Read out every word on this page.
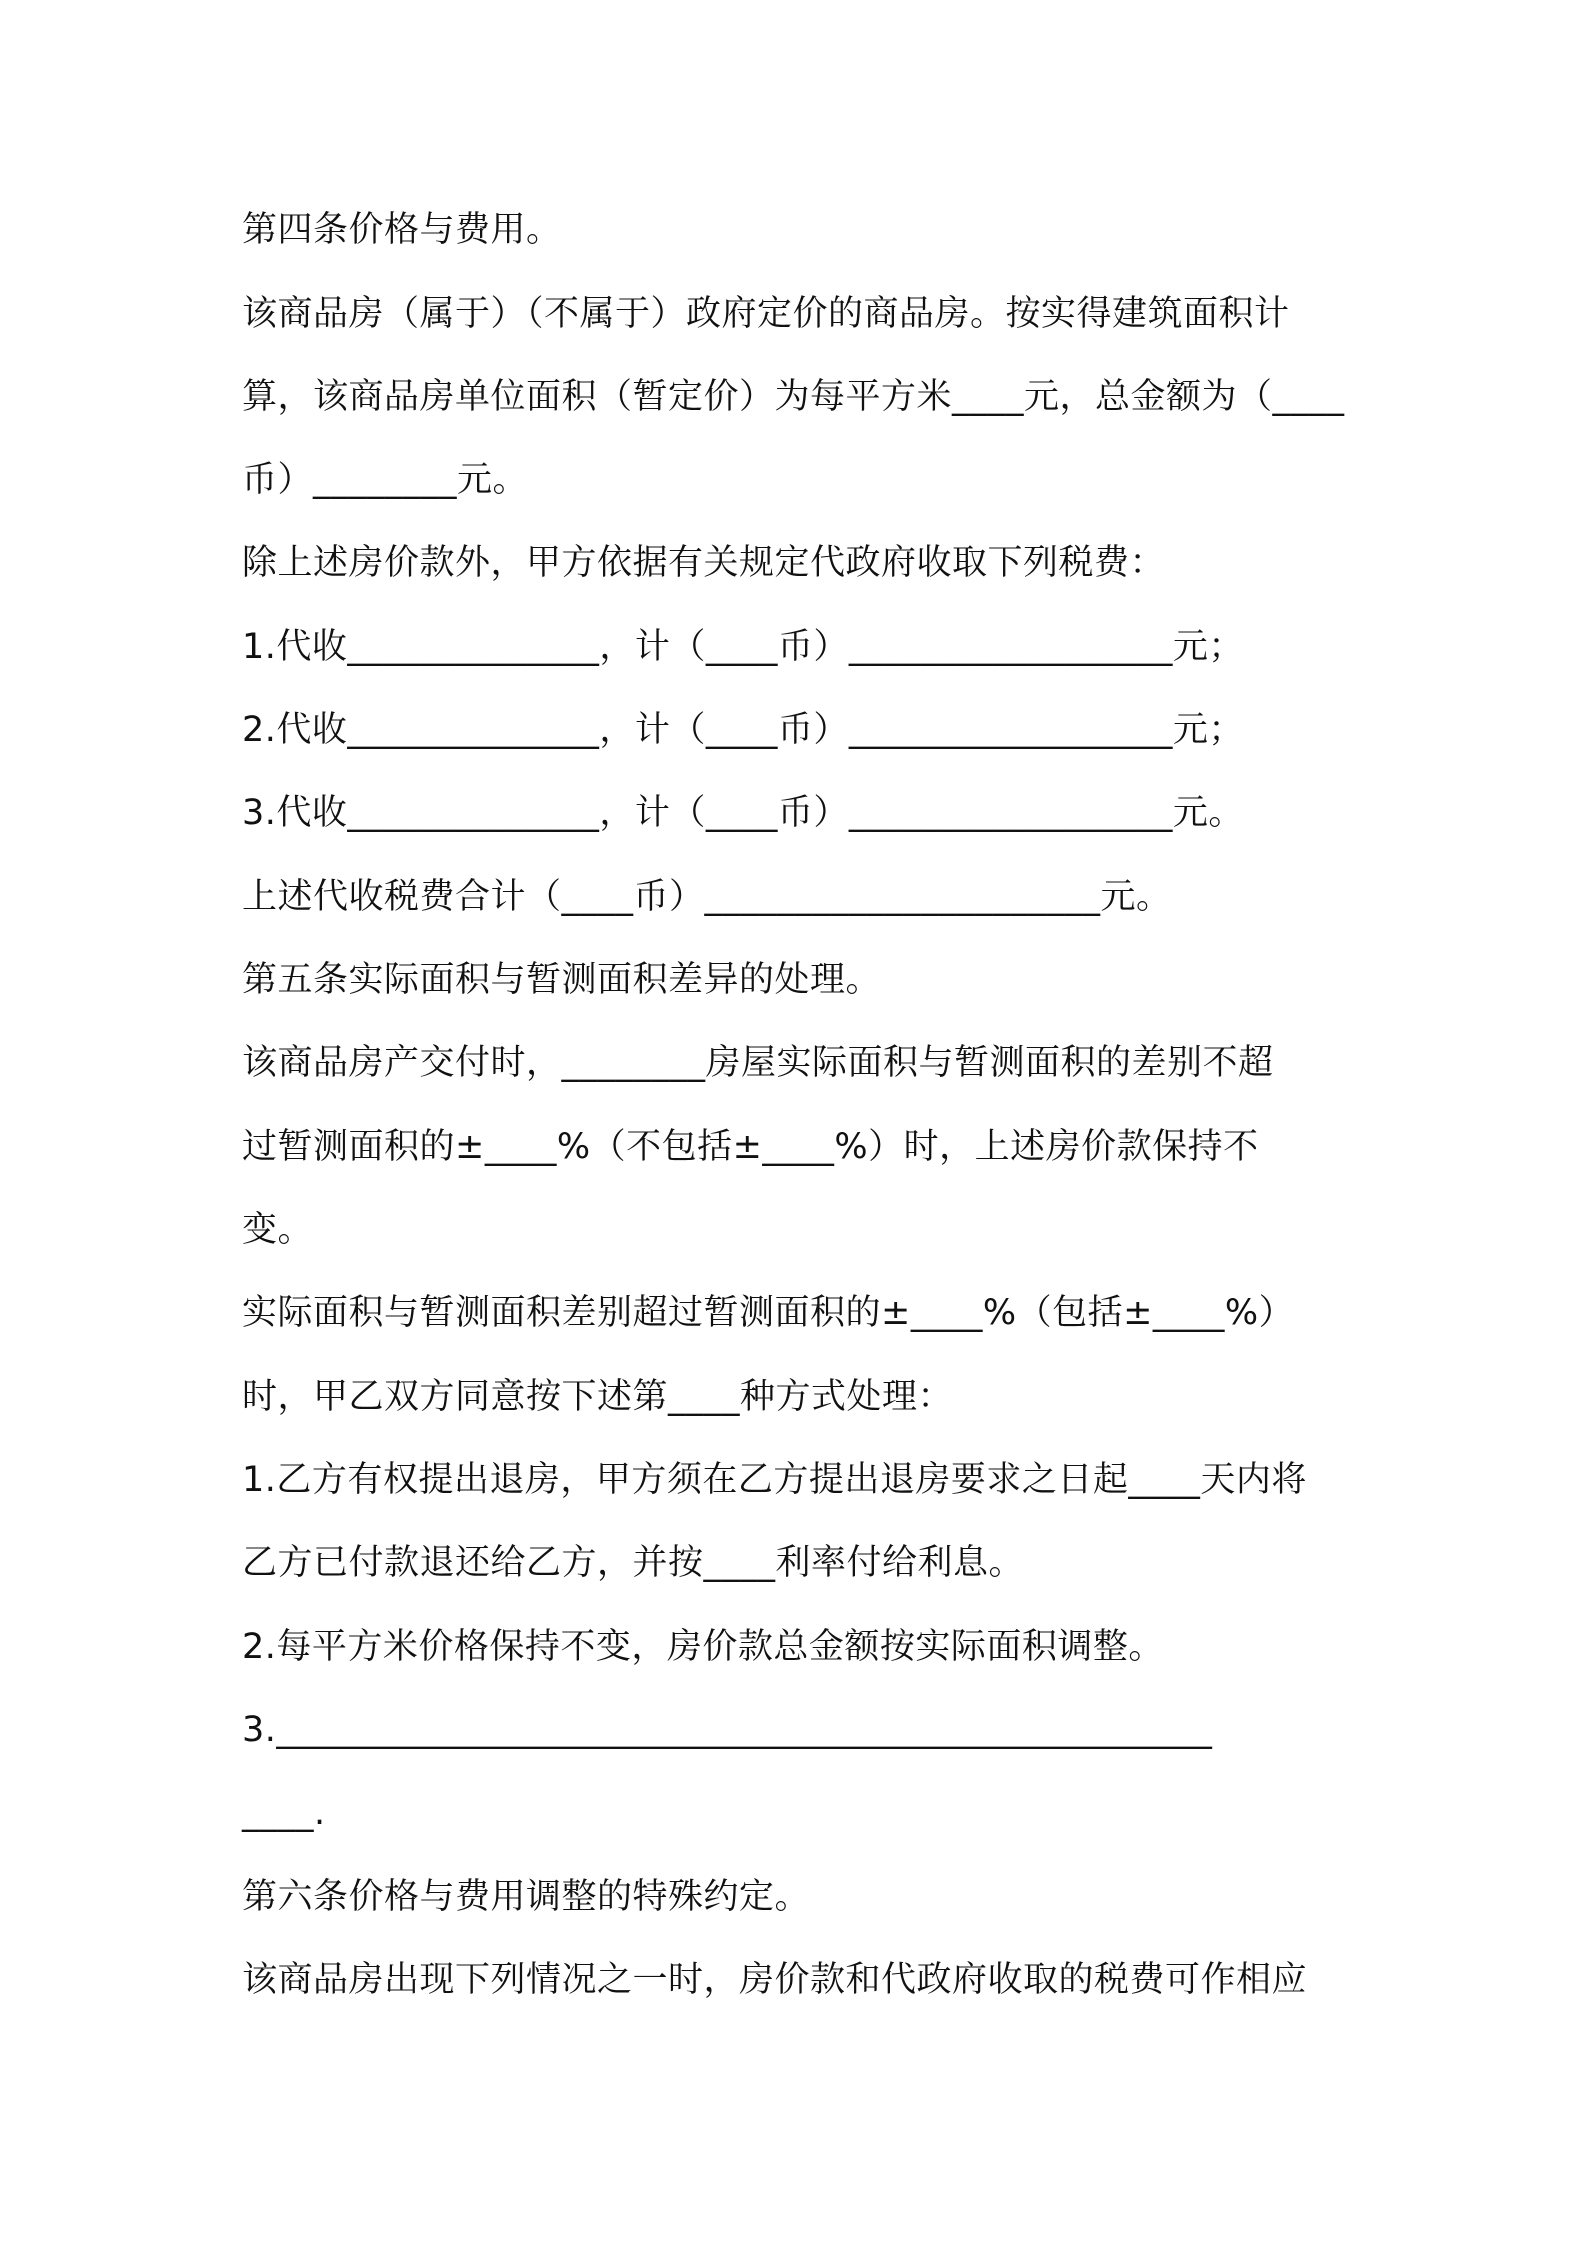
第四条价格与费用。

该商品房（属于）（不属于）政府定价的商品房。按实得建筑面积计

算，该商品房单位面积（暂定价）为每平方米____元，总金额为（____

币）________元。

除上述房价款外，甲方依据有关规定代政府收取下列税费：

1.代收______________，计（____币）__________________元；

2.代收______________，计（____币）__________________元；

3.代收______________，计（____币）__________________元。

上述代收税费合计（____币）______________________元。

第五条实际面积与暂测面积差异的处理。

该商品房产交付时，________房屋实际面积与暂测面积的差别不超

过暂测面积的±____%（不包括±____%）时，上述房价款保持不

变。

实际面积与暂测面积差别超过暂测面积的±____%（包括±____%）

时，甲乙双方同意按下述第____种方式处理：

1.乙方有权提出退房，甲方须在乙方提出退房要求之日起____天内将

乙方已付款退还给乙方，并按____利率付给利息。

2.每平方米价格保持不变，房价款总金额按实际面积调整。

3.____________________________________________________

____.

第六条价格与费用调整的特殊约定。

该商品房出现下列情况之一时，房价款和代政府收取的税费可作相应
